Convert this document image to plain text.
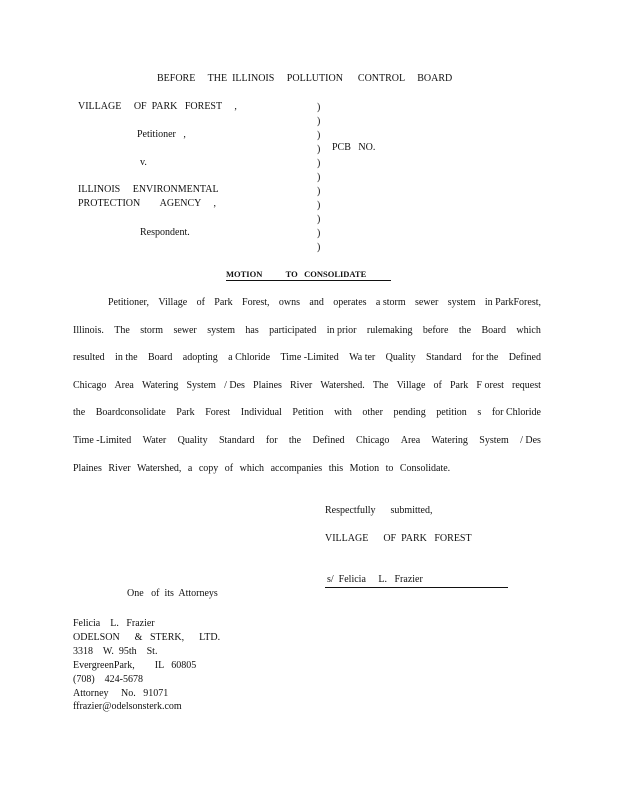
BEFORE     THE  ILLINOIS     POLLUTION      CONTROL     BOARD
VILLAGE     OF  PARK   FOREST     ,
Petitioner   ,
v.
ILLINOIS     ENVIRONMENTAL
PROTECTION        AGENCY     ,
Respondent.
)
)
)
)
)
)
)
)
)
)
)
PCB   NO.
MOTION           TO   CONSOLIDATE
Petitioner, Village of Park Forest, owns and operates a storm sewer system in ParkForest,
Illinois. The storm sewer system has participated in prior rulemaking before the Board which
resulted in the Board adopting a Chloride Time -Limited Wa ter Quality Standard for the Defined
Chicago Area Watering System / Des Plaines River Watershed. The Village of Park F orest request
the Boardconsolidate Park Forest Individual Petition with other pending petition s for Chloride
Time -Limited Water Quality Standard for the Defined Chicago Area Watering System / Des
Plaines River Watershed, a copy of which accompanies this Motion to Consolidate.
Respectfully      submitted,
VILLAGE      OF  PARK   FOREST
s/  Felicia     L.   Frazier
One   of  its  Attorneys
Felicia    L.   Frazier
ODELSON      &   STERK,      LTD.
3318    W.  95th    St.
EvergreenPark,        IL   60805
(708)    424-5678
Attorney     No.   91071
ffrazier@odelsonsterk.com
